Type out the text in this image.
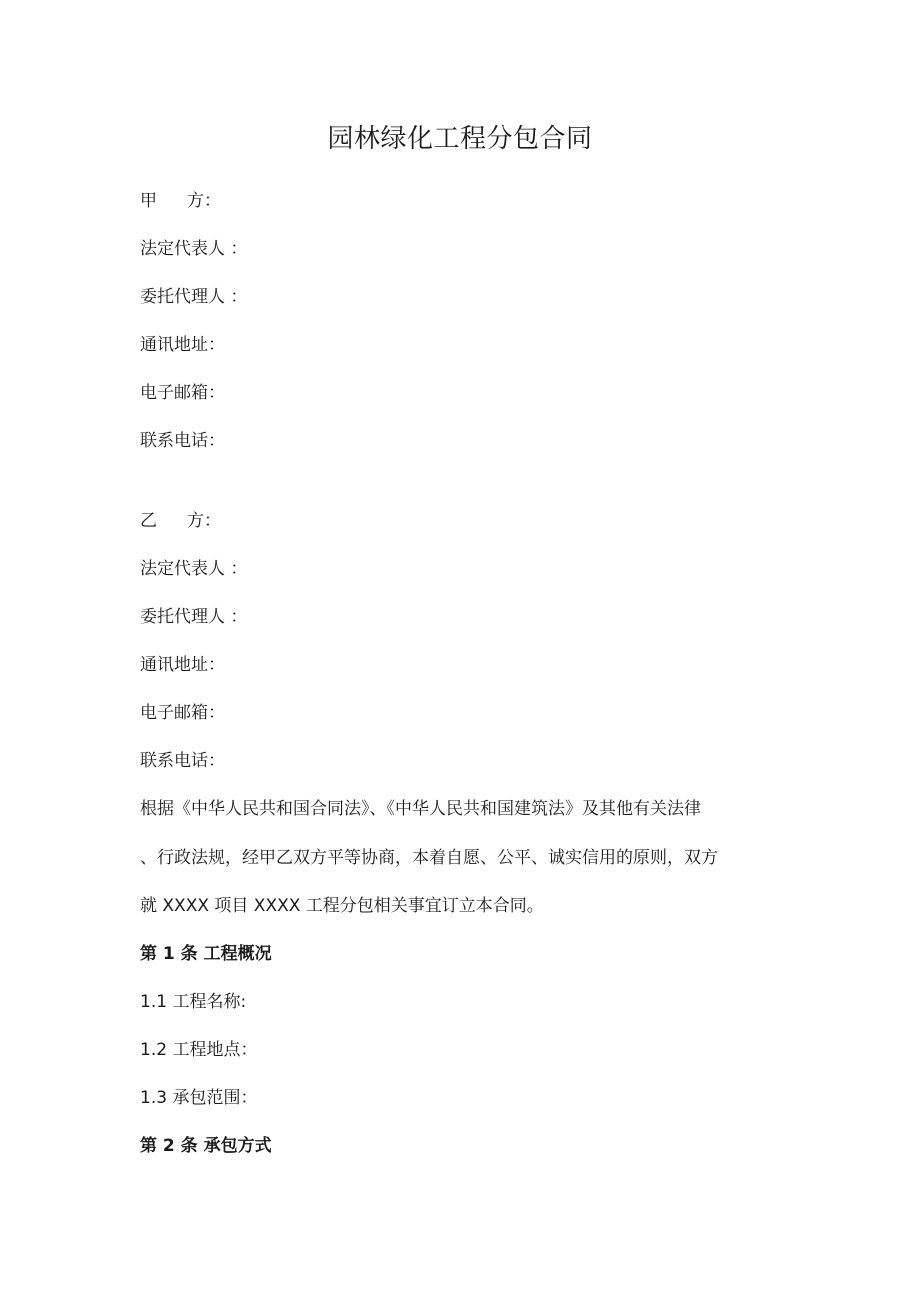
园林绿化工程分包合同
甲 方：
法定代表人 ：
委托代理人 ：
通讯地址：
电子邮箱：
联系电话：
乙 方：
法定代表人 ：
委托代理人 ：
通讯地址：
电子邮箱：
联系电话：
根据《中华人民共和国合同法》、《中华人民共和国建筑法》及其他有关法律
、行政法规，经甲乙双方平等协商，本着自愿、公平、诚实信用的原则，双方
就 XXXX 项目 XXXX 工程分包相关事宜订立本合同。
第 1 条 工程概况
1.1 工程名称:
1.2 工程地点：
1.3 承包范围：
第 2 条 承包方式
